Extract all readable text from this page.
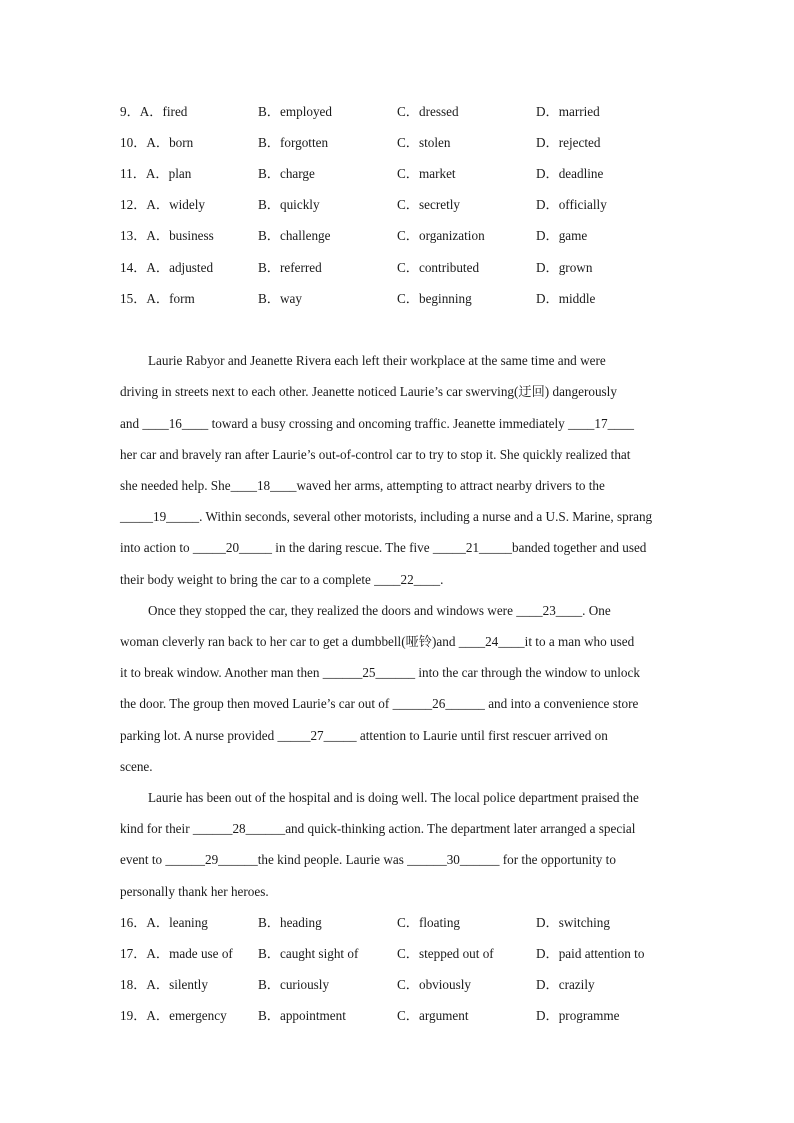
9．A．fired	B．employed	C．dressed	D．married
10．A．born	B．forgotten	C．stolen	D．rejected
11．A．plan	B．charge	C．market	D．deadline
12．A．widely	B．quickly	C．secretly	D．officially
13．A．business	B．challenge	C．organization	D．game
14．A．adjusted	B．referred	C．contributed	D．grown
15．A．form	B．way	C．beginning	D．middle
Laurie Rabyor and Jeanette Rivera each left their workplace at the same time and were
driving in streets next to each other. Jeanette noticed Laurie’s car swerving(迂回) dangerously
and ____16____ toward a busy crossing and oncoming traffic. Jeanette immediately ____17____
her car and bravely ran after Laurie’s out-of-control car to try to stop it. She quickly realized that
she needed help. She____18____waved her arms, attempting to attract nearby drivers to the
_____19_____. Within seconds, several other motorists, including a nurse and a U.S. Marine, sprang
into action to _____20_____ in the daring rescue. The five _____21_____banded together and used
their body weight to bring the car to a complete ____22____.
Once they stopped the car, they realized the doors and windows were ____23____. One
woman cleverly ran back to her car to get a dumbbell(哑铃)and ____24____it to a man who used
it to break window. Another man then ______25______ into the car through the window to unlock
the door. The group then moved Laurie’s car out of ______26______ and into a convenience store
parking lot. A nurse provided _____27_____ attention to Laurie until first rescuer arrived on
scene.
Laurie has been out of the hospital and is doing well. The local police department praised the
kind for their ______28______and quick-thinking action. The department later arranged a special
event to ______29______the kind people. Laurie was ______30______ for the opportunity to
personally thank her heroes.
16．A．leaning	B．heading	C．floating	D．switching
17．A．made use of B．caught sight of	C．stepped out of	D．paid attention to
18．A．silently	B．curiously	C．obviously	D．crazily
19．A．emergency B．appointment	C．argument	D．programme
